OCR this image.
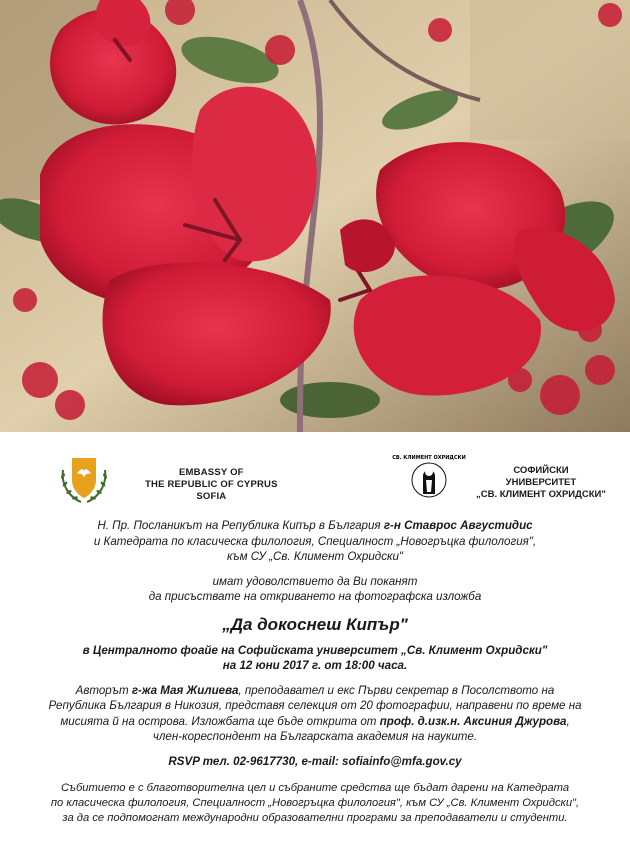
EMBASSY OF
THE REPUBLIC OF CYPRUS
SOFIA
СВ. КЛИМЕНТ ОХРИДСКИ
СОФИЙСКИ
УНИВЕРСИТЕТ
„СВ. КЛИМЕНТ ОХРИДСКИ"

Н. Пр. Посланикът на Република Кипър в България г-н Ставрос Августидис

и Катедрата по класическа филология, Специалност „Новогръцка филология",

към СУ „Св. Климент Охридски"

имат удоволствието да Ви поканят

да присъствате на откриването на фотографска изложба

„Да докоснеш Кипър"

в Централното фоайе на Софийската университет „Св. Климент Охридски"

на 12 юни 2017 г. от 18:00 часа.

Авторът г-жа Мая Жилиева, преподавател и екс Първи секретар в Посолството на

Република България в Никозия, представя селекция от 20 фотографии, направени по време на

мисията й на острова. Изложбата ще бъде открита от проф. д.изк.н. Аксиния Джурова,

член-кореспондент на Българската академия на науките.

RSVP тел. 02-9617730, e-mail: sofiainfo@mfa.gov.cy

Събитието е с благотворителна цел и събраните средства ще бъдат дарени на Катедрата

по класическа филология, Специалност „Новогръцка филология", към СУ „Св. Климент Охридски",

за да се подпомогнат международни образователни програми за преподаватели и студенти.
